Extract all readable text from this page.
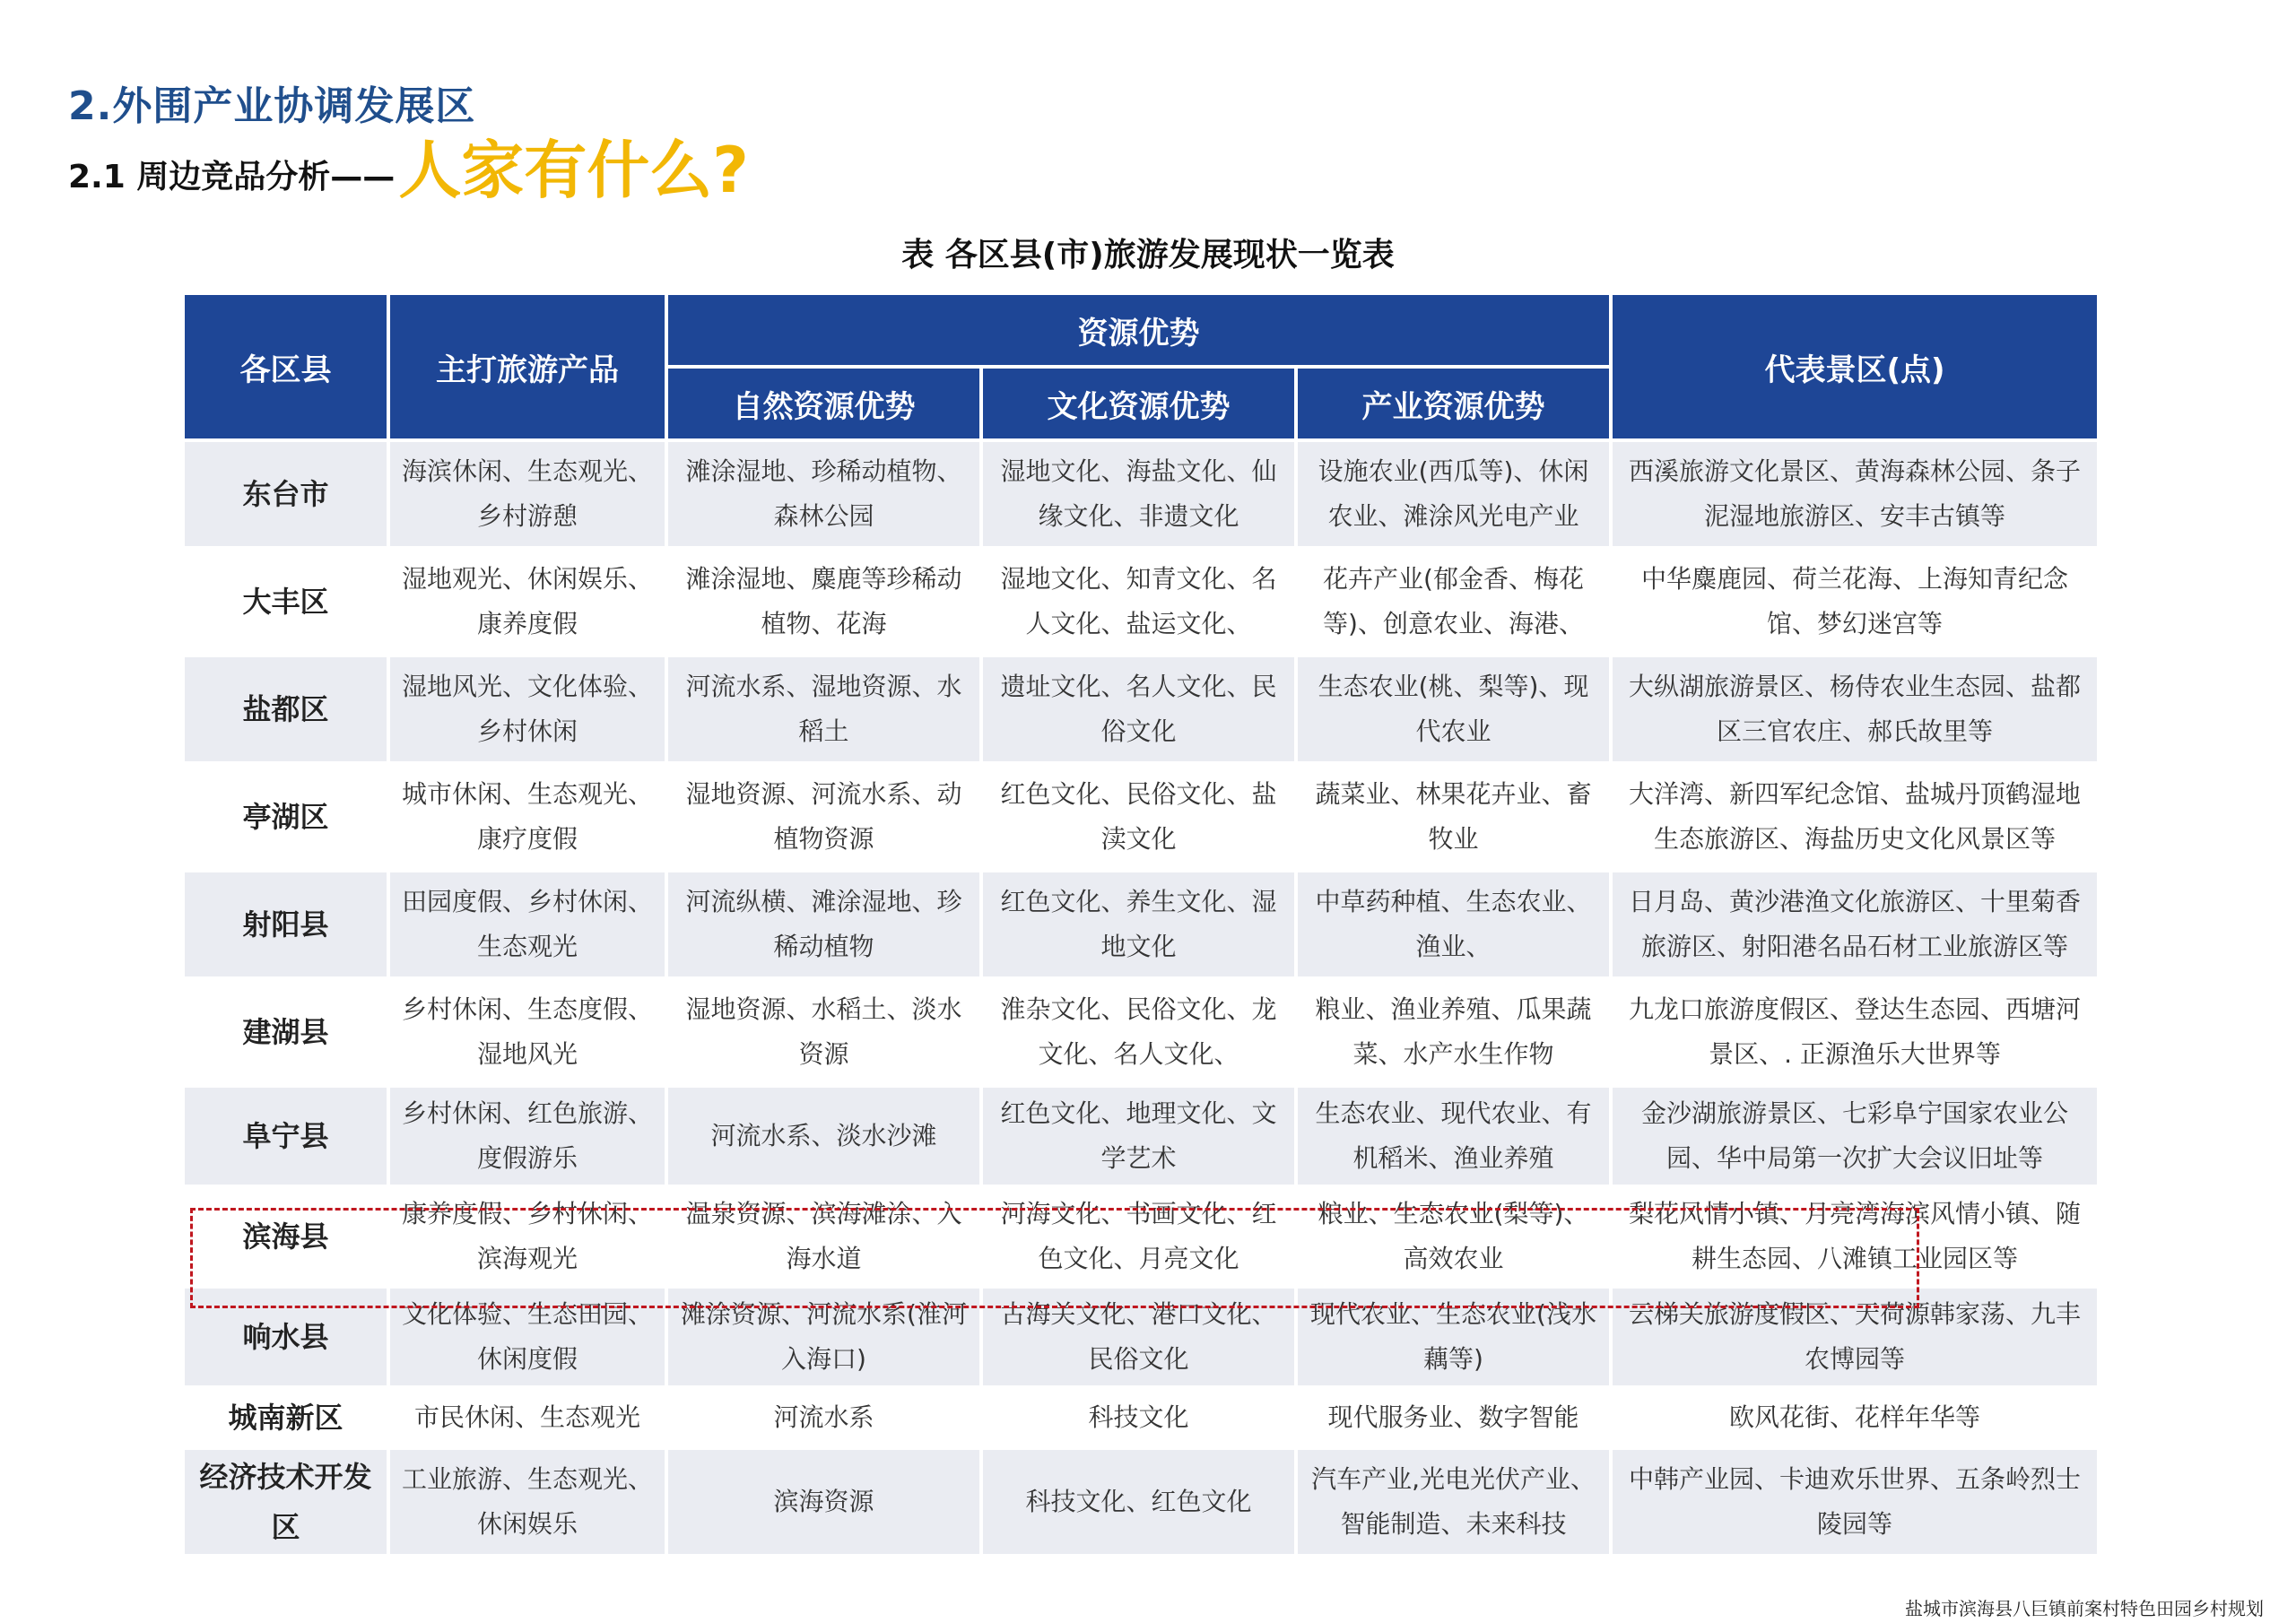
2.外围产业协调发展区
2.1 周边竞品分析—— 人家有什么?
表 各区县(市)旅游发展现状一览表
各区县	主打旅游产品	资源优势			代表景区(点)
		自然资源优势	文化资源优势	产业资源优势	
东台市	海滨休闲、生态观光、乡村游憩	滩涂湿地、珍稀动植物、森林公园	湿地文化、海盐文化、仙缘文化、非遗文化	设施农业(西瓜等)、休闲农业、滩涂风光电产业	西溪旅游文化景区、黄海森林公园、条子泥湿地旅游区、安丰古镇等
大丰区	湿地观光、休闲娱乐、康养度假	滩涂湿地、麋鹿等珍稀动植物、花海	湿地文化、知青文化、名人文化、盐运文化、	花卉产业(郁金香、梅花等)、创意农业、海港、	中华麋鹿园、荷兰花海、上海知青纪念馆、梦幻迷宫等
盐都区	湿地风光、文化体验、乡村休闲	河流水系、湿地资源、水稻土	遗址文化、名人文化、民俗文化	生态农业(桃、梨等)、现代农业	大纵湖旅游景区、杨侍农业生态园、盐都区三官农庄、郝氏故里等
亭湖区	城市休闲、生态观光、康疗度假	湿地资源、河流水系、动植物资源	红色文化、民俗文化、盐渎文化	蔬菜业、林果花卉业、畜牧业	大洋湾、新四军纪念馆、盐城丹顶鹤湿地生态旅游区、海盐历史文化风景区等
射阳县	田园度假、乡村休闲、生态观光	河流纵横、滩涂湿地、珍稀动植物	红色文化、养生文化、湿地文化	中草药种植、生态农业、渔业、	日月岛、黄沙港渔文化旅游区、十里菊香旅游区、射阳港名品石材工业旅游区等
建湖县	乡村休闲、生态度假、湿地风光	湿地资源、水稻土、淡水资源	淮杂文化、民俗文化、龙文化、名人文化、	粮业、渔业养殖、瓜果蔬菜、水产水生作物	九龙口旅游度假区、登达生态园、西塘河景区、. 正源渔乐大世界等
阜宁县	乡村休闲、红色旅游、度假游乐	河流水系、淡水沙滩	红色文化、地理文化、文学艺术	生态农业、现代农业、有机稻米、渔业养殖	金沙湖旅游景区、七彩阜宁国家农业公园、华中局第一次扩大会议旧址等
滨海县	康养度假、乡村休闲、滨海观光	温泉资源、滨海滩涂、入海水道	河海文化、书画文化、红色文化、月亮文化	粮业、生态农业(梨等)、高效农业	梨花风情小镇、月亮湾海滨风情小镇、随耕生态园、八滩镇工业园区等
响水县	文化体验、生态田园、休闲度假	滩涂资源、河流水系(淮河入海口)	古海关文化、港口文化、民俗文化	现代农业、生态农业(浅水藕等)	云梯关旅游度假区、天荷源韩家荡、九丰农博园等
城南新区	市民休闲、生态观光	河流水系	科技文化	现代服务业、数字智能	欧风花街、花样年华等
经济技术开发区	工业旅游、生态观光、休闲娱乐	滨海资源	科技文化、红色文化	汽车产业,光电光伏产业、智能制造、未来科技	中韩产业园、卡迪欢乐世界、五条岭烈士陵园等
盐城市滨海县八巨镇前案村特色田园乡村规划
